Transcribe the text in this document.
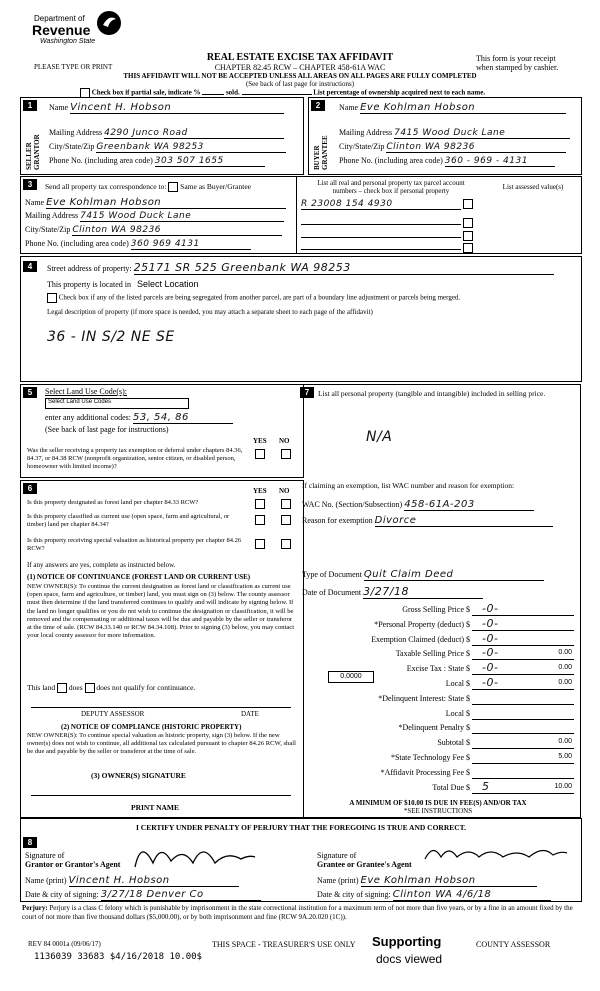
Department of
Revenue
Washington State
PLEASE TYPE OR PRINT
REAL ESTATE EXCISE TAX AFFIDAVIT
CHAPTER 82.45 RCW – CHAPTER 458-61A WAC
THIS AFFIDAVIT WILL NOT BE ACCEPTED UNLESS ALL AREAS ON ALL PAGES ARE FULLY COMPLETED
(See back of last page for instructions)
This form is your receipt
when stamped by cashier.
Check box if partial sale, indicate %	sold.	List percentage of ownership acquired next to each name.
1
SELLER GRANTOR
Name Vincent H. Hobson
Mailing Address 4290 Junco Road
City/State/Zip Greenbank WA 98253
Phone No. (including area code) 303 507 1655
2
BUYER GRANTEE
Name Eve Kohlman Hobson
Mailing Address 7415 Wood Duck Lane
City/State/Zip Clinton WA 98236
Phone No. (including area code) 360 - 969 - 4131
3	Send all property tax correspondence to: Same as Buyer/Grantee
Name Eve Kohlman Hobson
Mailing Address 7415 Wood Duck Lane
City/State/Zip Clinton WA 98236
Phone No. (including area code) 360 969 4131
List all real and personal property tax parcel account
numbers – check box if personal property
R 23008 154 4930

List assessed value(s)
4	Street address of property: 25171 SR 525 Greenbank WA 98253
This property is located in Select Location
Check box if any of the listed parcels are being segregated from another parcel, are part of a boundary line adjustment or parcels being merged.
Legal description of property (if more space is needed, you may attach a separate sheet to each page of the affidavit)
36 - IN S/2 NE SE
5	Select Land Use Code(s):
Select Land Use Codes
enter any additional codes: 53, 54, 86
(See back of last page for instructions)
YES NO
Was the seller receiving a property tax exemption or deferral under chapters 84.36, 84.37, or 84.38 RCW (nonprofit organization, senior citizen, or disabled person, homeowner with limited income)?
6	YES NO
Is this property designated as forest land per chapter 84.33 RCW?
Is this property classified as current use (open space, farm and agricultural, or timber) land per chapter 84.34?
Is this property receiving special valuation as historical property per chapter 84.26 RCW?
If any answers are yes, complete as instructed below.
(1) NOTICE OF CONTINUANCE (FOREST LAND OR CURRENT USE)
NEW OWNER(S): To continue the current designation as forest land or classification as current use (open space, farm and agriculture, or timber) land, you must sign on (3) below. The county assessor must then determine if the land transferred continues to qualify and will indicate by signing below. If the land no longer qualifies or you do not wish to continue the designation or classification, it will be removed and the compensating or additional taxes will be due and payable by the seller or transferor at the time of sale. (RCW 84.33.140 or RCW 84.34.108). Prior to signing (3) below, you may contact your local county assessor for more information.
This land does does not qualify for continuance.
DEPUTY ASSESSOR	DATE
(2) NOTICE OF COMPLIANCE (HISTORIC PROPERTY)
NEW OWNER(S): To continue special valuation as historic property, sign (3) below. If the new owner(s) does not wish to continue, all additional tax calculated pursuant to chapter 84.26 RCW, shall be due and payable by the seller or transferor at the time of sale.
(3) OWNER(S) SIGNATURE
PRINT NAME
7	List all personal property (tangible and intangible) included in selling price.
N/A
If claiming an exemption, list WAC number and reason for exemption:
WAC No. (Section/Subsection) 458-61A-203
Reason for exemption Divorce
Type of Document Quit Claim Deed
Date of Document 3/27/18
Gross Selling Price $ -0-
*Personal Property (deduct) $ -0-
Exemption Claimed (deduct) $ -0-
Taxable Selling Price $ -0-	0.00
Excise Tax : State $ -0-	0.00
Local $ -0-	0.00
*Delinquent Interest: State $
Local $
*Delinquent Penalty $
Subtotal $	0.00
*State Technology Fee $	5.00
*Affidavit Processing Fee $
Total Due $ 5	10.00
0.0000
A MINIMUM OF $10.00 IS DUE IN FEE(S) AND/OR TAX
*SEE INSTRUCTIONS
8
I CERTIFY UNDER PENALTY OF PERJURY THAT THE FOREGOING IS TRUE AND CORRECT.
Signature of
Grantor or Grantor's Agent
Name (print) Vincent H. Hobson
Date & city of signing: 3/27/18 Denver Co
Signature of
Grantee or Grantee's Agent
Name (print) Eve Kohlman Hobson
Date & city of signing: Clinton WA 4/6/18
Perjury: Perjury is a class C felony which is punishable by imprisonment in the state correctional institution for a maximum term of not more than five years, or by a fine in an amount fixed by the court of not more than five thousand dollars ($5,000.00), or by both imprisonment and fine (RCW 9A.20.020 (1C)).
REV 84 0001a (09/06/17)	THIS SPACE - TREASURER'S USE ONLY	COUNTY ASSESSOR
Supporting
docs viewed
1136039 33683 $4/16/2018 10.00$
